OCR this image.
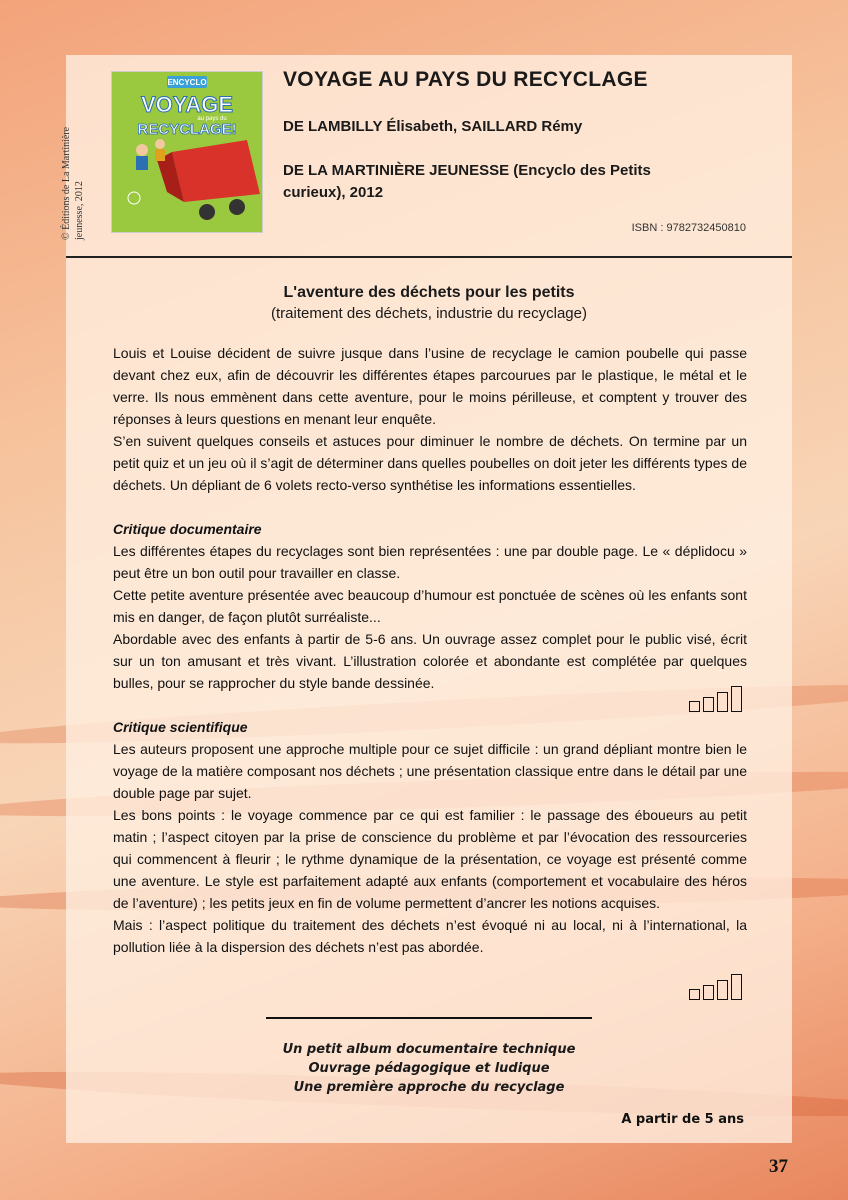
© Éditions de La Martinière jeunesse, 2012
ENCYCLO
VOYAGE
au pays du
RECYCLAGE!
VOYAGE AU PAYS DU RECYCLAGE
DE LAMBILLY Élisabeth, SAILLARD Rémy
DE LA MARTINIÈRE JEUNESSE (Encyclo des Petits curieux), 2012
ISBN : 9782732450810
L'aventure des déchets pour les petits
(traitement des déchets, industrie du recyclage)

Louis et Louise décident de suivre jusque dans l’usine de recyclage le camion poubelle qui passe devant chez eux, afin de découvrir les différentes étapes parcourues par le plastique, le métal et le verre. Ils nous emmènent dans cette aventure, pour le moins périlleuse, et comptent y trouver des réponses à leurs questions en menant leur enquête.

S’en suivent quelques conseils et astuces pour diminuer le nombre de déchets. On termine par un petit quiz et un jeu où il s’agit de déterminer dans quelles poubelles on doit jeter les différents types de déchets. Un dépliant de 6 volets recto-verso synthétise les informations essentielles.

Critique documentaire

Les différentes étapes du recyclages sont bien représentées : une par double page. Le « déplidocu » peut être un bon outil pour travailler en classe.

Cette petite aventure présentée avec beaucoup d’humour est ponctuée de scènes où les enfants sont mis en danger, de façon plutôt surréaliste...

Abordable avec des enfants à partir de 5-6 ans. Un ouvrage assez complet pour le public visé, écrit sur un ton amusant et très vivant. L’illustration colorée et abondante est complétée par quelques bulles, pour se rapprocher du style bande dessinée.

Critique scientifique

Les auteurs proposent une approche multiple pour ce sujet difficile : un grand dépliant montre bien le voyage de la matière composant nos déchets ; une présentation classique entre dans le détail par une double page par sujet.

Les bons points : le voyage commence par ce qui est familier : le passage des éboueurs au petit matin ; l’aspect citoyen par la prise de conscience du problème et par l’évocation des ressourceries qui commencent à fleurir ; le rythme dynamique de la présentation, ce voyage est présenté comme une aventure. Le style est parfaitement adapté aux enfants (comportement et vocabulaire des héros de l’aventure) ; les petits jeux en fin de volume permettent d’ancrer les notions acquises.

Mais : l’aspect politique du traitement des déchets n’est évoqué ni au local, ni à l’international, la pollution liée à la dispersion des déchets n’est pas abordée.

Un petit album documentaire technique
Ouvrage pédagogique et ludique
Une première approche du recyclage
A partir de 5 ans
37
